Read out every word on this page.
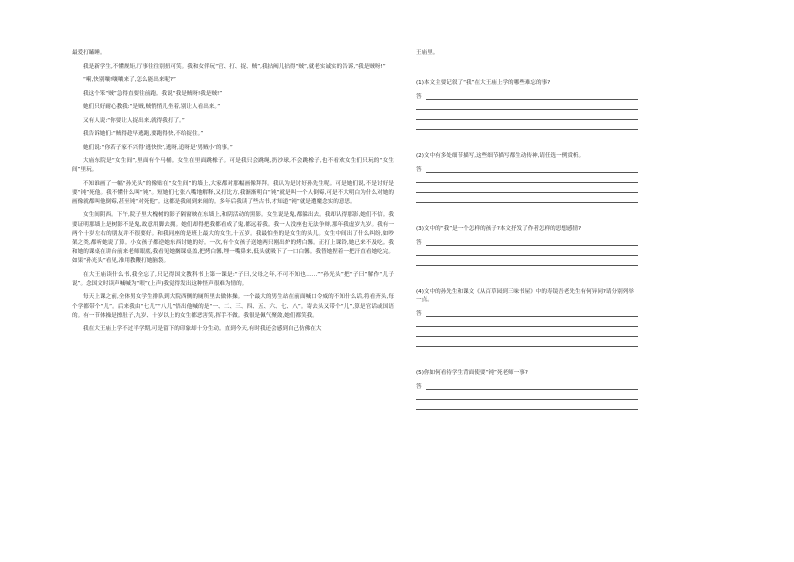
最爱打瞌睡。

我是新学生,不懂规矩,厅事往往别扭可笑。我和女伴玩“官、打、捉、贼”,我拈阄儿拈得“贼”,就老实诚实的告诉,“我是贼呀!”

“嗬,快别嚷!嚷嚷来了,怎么能出来呢?”

我这个笨“贼”急得直要往前跑。我说“我是贼呀!我是贼!”

她们只好耐心教我:“是贼,贼悄悄儿坐着,别让人看出来。”

又有人说:“你要让人捉出来,就得我打了。”

我告诉她们:“贼得趁早逃跑,要跑得快,不给捉住。”

她们说:“你若子家不兴得‘逃快快’,逃呀,追呀是‘男贼小’的事。”

大庙东院是“女生间”,里面有个马桶。女生在里面跳橡子。可是我只会跳绳,扔沙球,不会跳橡子,也不看欢女生们只玩的“女生间”里玩。

不知谁画了一幅“孙光头”的像贴在“女生间”的墙上,大家都对那幅画像拜拜。我认为是讨好孙先生呢。可是她们说,不是讨好是要“钝”死他。我不懂什么叫“钝”。短她们七张八嘴地解释,又打比方,我渐渐明白“钝”就是叫一个人倒霉,可是不大明白为什么对她的画像就都叫他倒霉,甚至钝“对死他”。这都是我闹到来闹的。多年后我读了些古书,才知道“钝”就是遭魔念实的意思。

女生间阴西。下午,院子里大槐树的影子隔窗映在东墙上,和阴活动的黑影。女生说是鬼,都躲出去。我却认得那影,她们不信。我要证明那墙上是树影不是鬼,故意用脚去拥。她们却得把我都看成了鬼,都远着我。我一人没座也无法争辩,那年我虚岁九岁。我有一两个十岁左右的朋友并不很要好。和我同座的是班上最大的女生,十五岁。我最怕坐的是女生的头儿。女生中间出了什么纠纷,如吵架之类,都听她说了算。小女孩子都逆她东西讨她的好。一次,有个女孩子送她两只刚出炉的烤白馨。正打上课铃,她已来不及吃。我和她的课桌在讲台前来老师眼底,我看见她搁课桌盖,把烤白馨,埋一嘴鼻来,低头就吸下了一口白馨。我替她捏着一把汗直看她吃完。如果“孙光头”看见,准用教鞭打她脑袋。

在大王庙读什么书,我全忘了,只记得国文教科书上第一课是:“子曰,父母之年,不可不知也……”“孙光头”把“子曰”解作“儿子说”。念国文时读声喊喊为“哏”(上声)我觉得发出这种怪声很难为情的。

每天上课之前,全体男女学生排队到大院西侧的厕所里去做体操。一个最大的男生站在前面喊口令威的不知什么话,将看齐头,每个学都带个“儿”。后来我由“七儿”“八儿”悟出他喊的是“一、二、三、四、五、六、七、八”。寄去头又带个“儿”,算是官话或国语的。有一节体操是擦肚子,九岁、十岁以上的女生都恶害笑,挥手不做。我很是佩气聚敛,她们都笑我。

我在大王庙上学不过半学期,可是留下的印象却十分生动。直到今天,有时我还会感到自己仿佛在大

王庙里。

(1)本文主要记叙了“我”在大王庙上学的哪些难忘的事?

答

(2)文中有多处细节描写,这些细节描写都生动传神,请任选一例赏析。

答

(3)文中的“我”是一个怎样的孩子?本文抒发了作者怎样的思想感情?

答

(4)文中的孙先生和课文《从百草园到三味书屋》中的寿镜吾老先生有何异同?请分别列举一点。

答

(5)你如何看待学生背面使要“钝”死老师一事?

答
